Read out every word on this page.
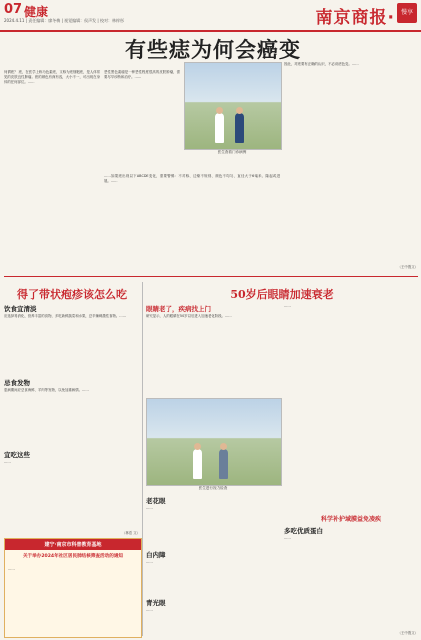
07 健康
2024.4.11 | 责任编辑：廖冬梅 | 视觉编辑：侯声发 | 校对：林梓彤	南京商报· 慢享
有些痣为何会癌变
何谓痣？ 痣，在医学上称为色素痣，又称为痣细胞痣，是人体常见的皮肤良性肿瘤。痣的颜色有深有浅，大小不一，可出现在身体的任何部位。……
恶性黑色素瘤是一种恶性程度很高的皮肤肿瘤，需要尽早诊断和治疗。……
医生查看门诊病例
……如果痣出现以下ABCDE变化，需要警惕：不对称、边缘不规则、颜色不均匀、直径大于6毫米、隆起或进展。……
因此，对痣要有正确的认识，不必谈痣色变。……
（王中胜文）
得了带状疱疹该怎么吃
饮食宜清淡
应选择易消化、营养丰富的食物，多吃新鲜蔬菜和水果，忌辛辣刺激性食物。……
忌食发物
患病期间应忌食海鲜、羊肉等发物，以免加重病情。……
宜吃这些
……
（林语 文）
建宁·南京市科普教育基地
关于举办2024年社区居民肺结核筛查活动的通知
……
50岁后眼睛加速衰老
眼睛老了，疾病找上门
研究显示，人的眼睛在50岁以后进入加速老化阶段。……
医生进行视力检查
老花眼
……
白内障
……
青光眼
……
……
科学补护域膜益免凌疾
多吃优质蛋白
……
（王中胜文）
